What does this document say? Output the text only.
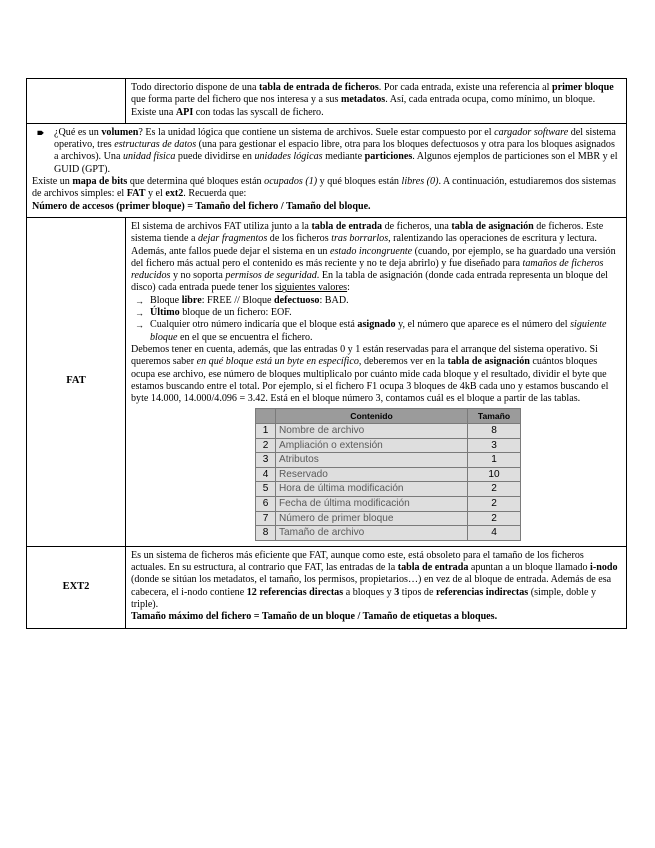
Todo directorio dispone de una tabla de entrada de ficheros. Por cada entrada, existe una referencia al primer bloque que forma parte del fichero que nos interesa y a sus metadatos. Así, cada entrada ocupa, como mínimo, un bloque. Existe una API con todas las syscall de fichero.

🠶 ¿Qué es un volumen? Es la unidad lógica que contiene un sistema de archivos. Suele estar compuesto por el cargador software del sistema operativo, tres estructuras de datos (una para gestionar el espacio libre, otra para los bloques defectuosos y otra para los bloques asignados a archivos). Una unidad física puede dividirse en unidades lógicas mediante particiones. Algunos ejemplos de particiones son el MBR y el GUID (GPT).

Existe un mapa de bits que determina qué bloques están ocupados (1) y qué bloques están libres (0). A continuación, estudiaremos dos sistemas de archivos simples: el FAT y el ext2. Recuerda que:

Número de accesos (primer bloque) = Tamaño del fichero / Tamaño del bloque.

FAT	

El sistema de archivos FAT utiliza junto a la tabla de entrada de ficheros, una tabla de asignación de ficheros. Este sistema tiende a dejar fragmentos de los ficheros tras borrarlos, ralentizando las operaciones de escritura y lectura. Además, ante fallos puede dejar el sistema en un estado incongruente (cuando, por ejemplo, se ha guardado una versión del fichero más actual pero el contenido es más reciente y no te deja abrirlo) y fue diseñado para tamaños de ficheros reducidos y no soporta permisos de seguridad. En la tabla de asignación (donde cada entrada representa un bloque del disco) cada entrada puede tener los siguientes valores:

→ Bloque libre: FREE // Bloque defectuoso: BAD.
→ Último bloque de un fichero: EOF.
→ Cualquier otro número indicaría que el bloque está asignado y, el número que aparece es el número del siguiente bloque en el que se encuentra el fichero.

Debemos tener en cuenta, además, que las entradas 0 y 1 están reservadas para el arranque del sistema operativo. Si queremos saber en qué bloque está un byte en específico, deberemos ver en la tabla de asignación cuántos bloques ocupa ese archivo, ese número de bloques multiplicalo por cuánto mide cada bloque y el resultado, dividir el byte que estamos buscando entre el total. Por ejemplo, si el fichero F1 ocupa 3 bloques de 4kB cada uno y estamos buscando el byte 14.000, 14.000/4.096 = 3.42. Está en el bloque número 3, contamos cuál es el bloque a partir de las tablas.

	Contenido	Tamaño
1	Nombre de archivo	8
2	Ampliación o extensión	3
3	Atributos	1
4	Reservado	10
5	Hora de última modificación	2
6	Fecha de última modificación	2
7	Número de primer bloque	2
8	Tamaño de archivo	4

EXT2	

Es un sistema de ficheros más eficiente que FAT, aunque como este, está obsoleto para el tamaño de los ficheros actuales. En su estructura, al contrario que FAT, las entradas de la tabla de entrada apuntan a un bloque llamado i-nodo (donde se sitúan los metadatos, el tamaño, los permisos, propietarios…) en vez de al bloque de entrada. Además de esa cabecera, el i-nodo contiene 12 referencias directas a bloques y 3 tipos de referencias indirectas (simple, doble y triple).

Tamaño máximo del fichero = Tamaño de un bloque / Tamaño de etiquetas a bloques.
